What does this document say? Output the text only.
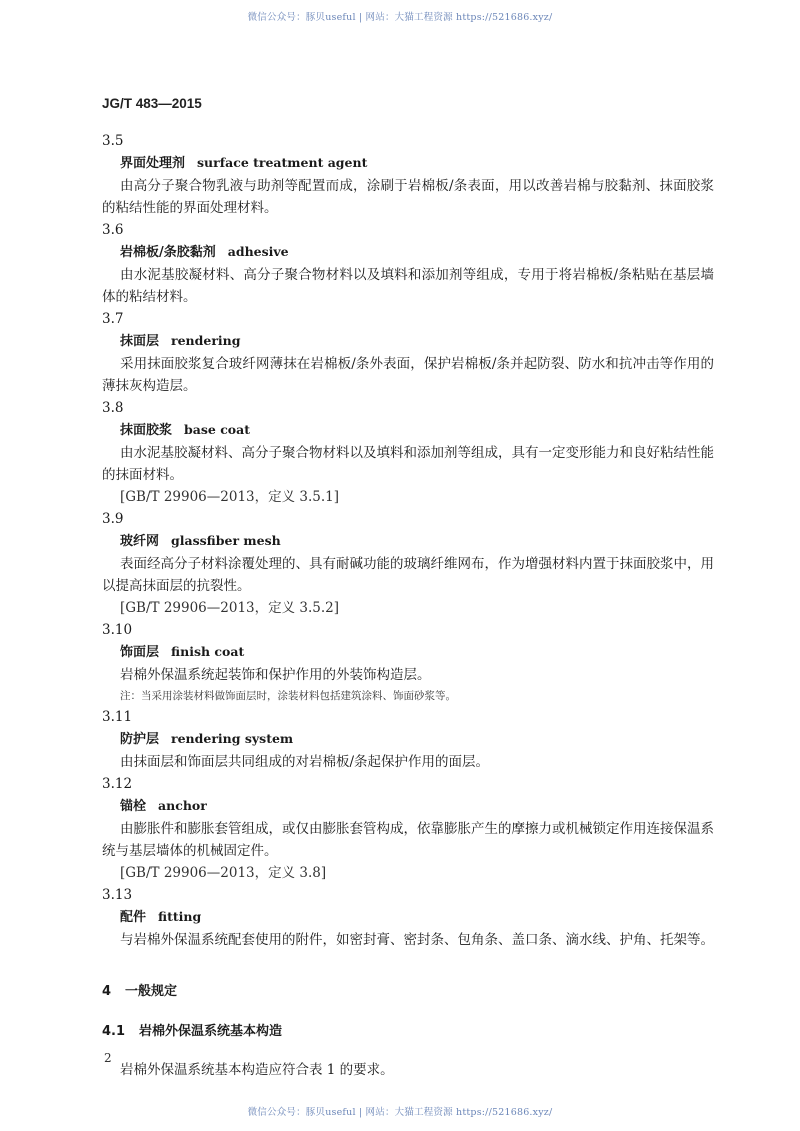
微信公众号：豚贝useful | 网站：大猫工程资源 https://521686.xyz/
JG/T 483—2015

3.5

界面处理剂 surface treatment agent

由高分子聚合物乳液与助剂等配置而成，涂刷于岩棉板/条表面，用以改善岩棉与胶黏剂、抹面胶浆的粘结性能的界面处理材料。

3.6

岩棉板/条胶黏剂 adhesive

由水泥基胶凝材料、高分子聚合物材料以及填料和添加剂等组成，专用于将岩棉板/条粘贴在基层墙体的粘结材料。

3.7

抹面层 rendering

采用抹面胶浆复合玻纤网薄抹在岩棉板/条外表面，保护岩棉板/条并起防裂、防水和抗冲击等作用的薄抹灰构造层。

3.8

抹面胶浆 base coat

由水泥基胶凝材料、高分子聚合物材料以及填料和添加剂等组成，具有一定变形能力和良好粘结性能的抹面材料。

[GB/T 29906—2013，定义 3.5.1]

3.9

玻纤网 glassfiber mesh

表面经高分子材料涂覆处理的、具有耐碱功能的玻璃纤维网布，作为增强材料内置于抹面胶浆中，用以提高抹面层的抗裂性。

[GB/T 29906—2013，定义 3.5.2]

3.10

饰面层 finish coat

岩棉外保温系统起装饰和保护作用的外装饰构造层。

注：当采用涂装材料做饰面层时，涂装材料包括建筑涂料、饰面砂浆等。

3.11

防护层 rendering system

由抹面层和饰面层共同组成的对岩棉板/条起保护作用的面层。

3.12

锚栓 anchor

由膨胀件和膨胀套管组成，或仅由膨胀套管构成，依靠膨胀产生的摩擦力或机械锁定作用连接保温系统与基层墙体的机械固定件。

[GB/T 29906—2013，定义 3.8]

3.13

配件 fitting

与岩棉外保温系统配套使用的附件，如密封膏、密封条、包角条、盖口条、滴水线、护角、托架等。

4 一般规定

4.1 岩棉外保温系统基本构造

岩棉外保温系统基本构造应符合表 1 的要求。

2
微信公众号：豚贝useful | 网站：大猫工程资源 https://521686.xyz/
